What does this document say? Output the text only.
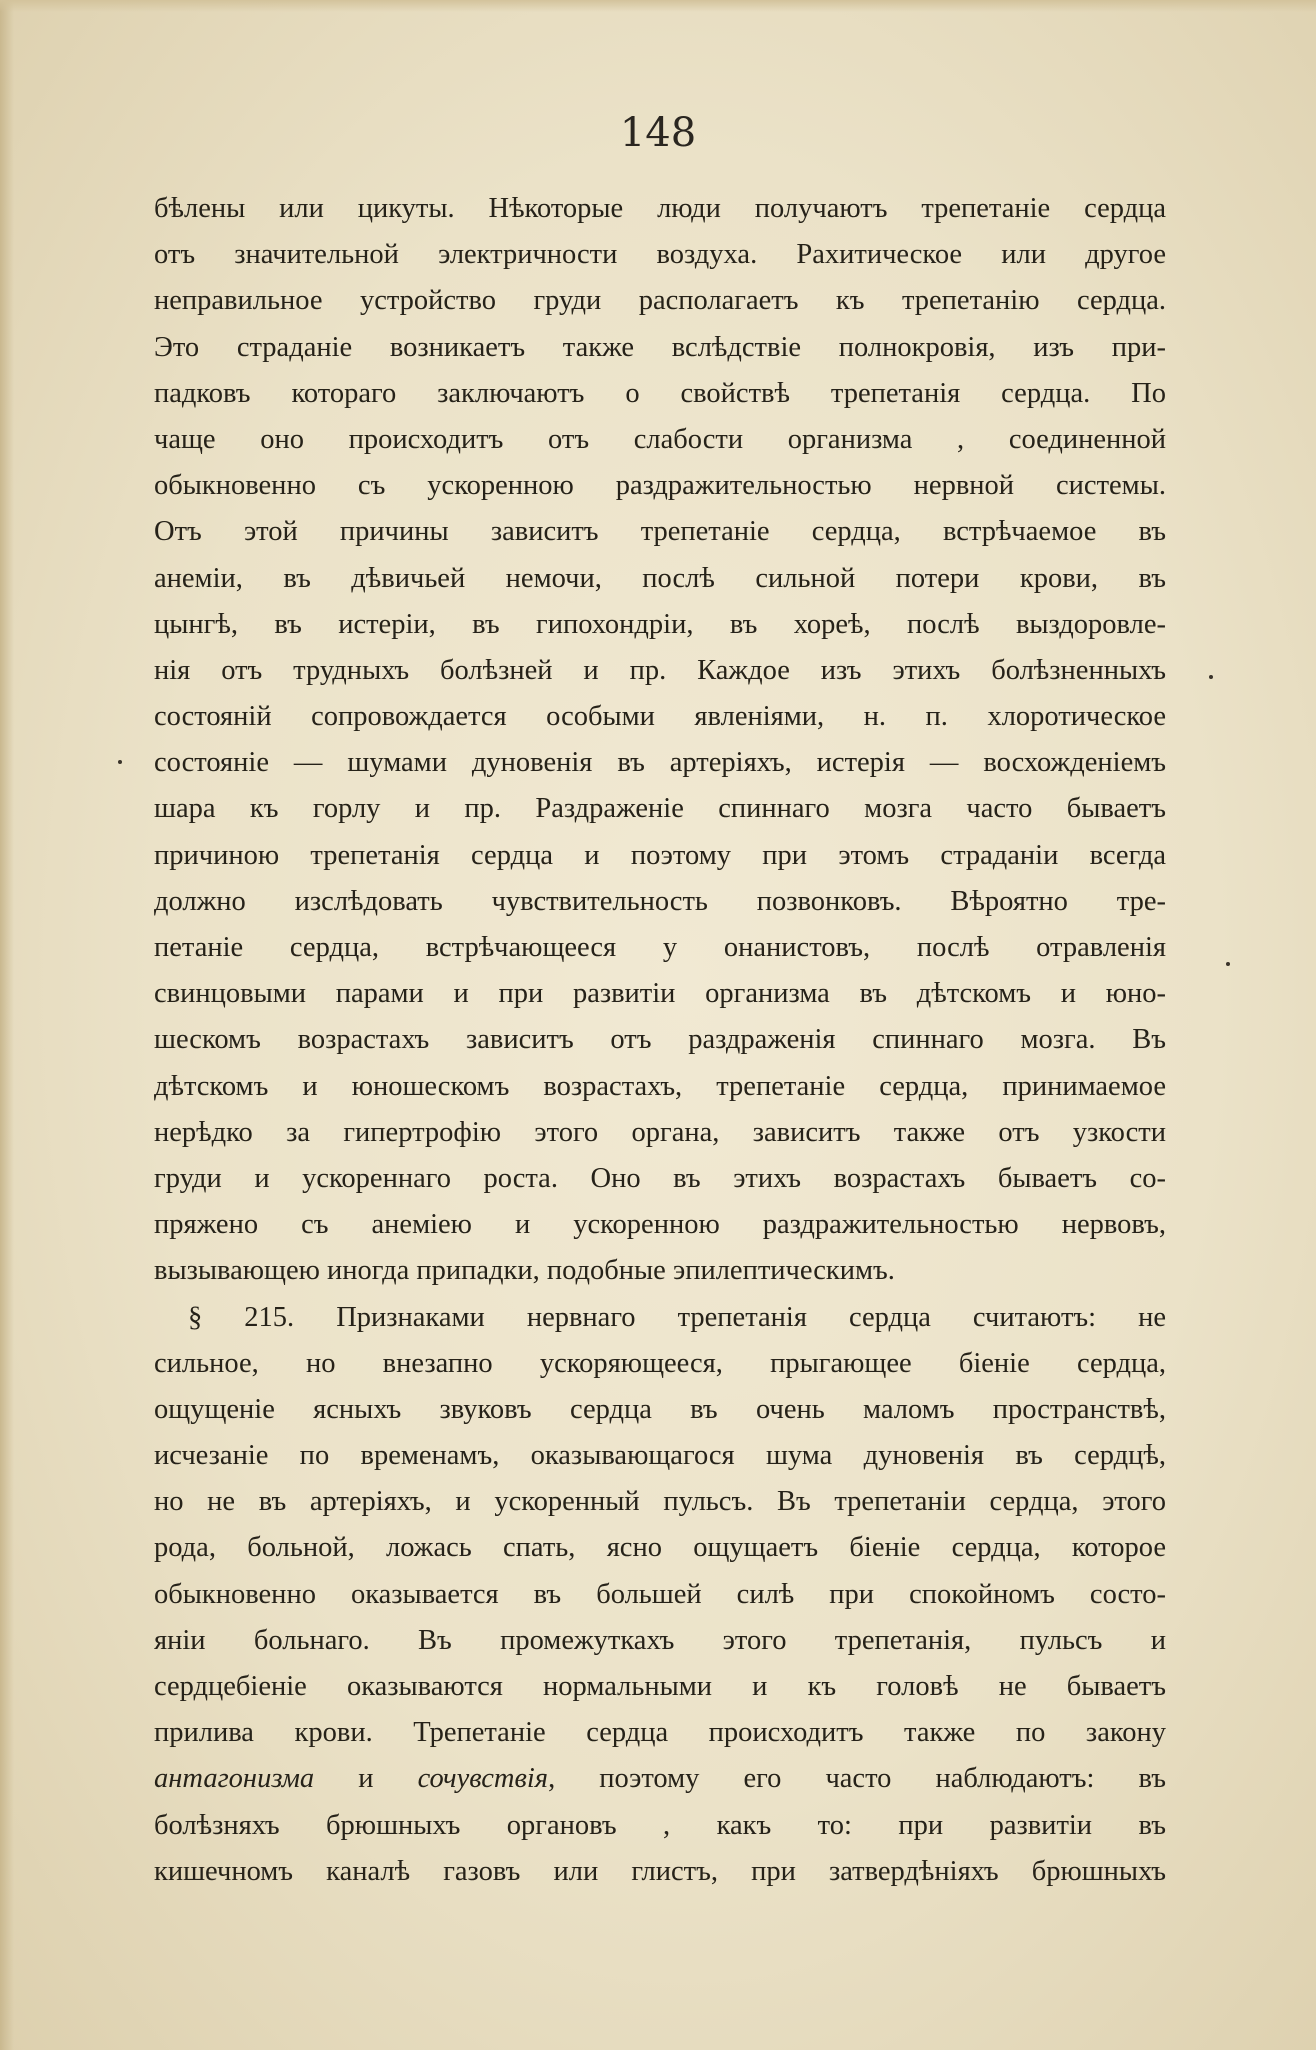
148
бѣлены или цикуты. Нѣкоторые люди получаютъ трепетаніе сердца
отъ значительной электричности воздуха. Рахитическое или другое
неправильное устройство груди располагаетъ къ трепетанію сердца.
Это страданіе возникаетъ также вслѣдствіе полнокровія, изъ при-
падковъ котораго заключаютъ о свойствѣ трепетанія сердца. По
чаще оно происходитъ отъ слабости организма , соединенной
обыкновенно съ ускоренною раздражительностью нервной системы.
Отъ этой причины зависитъ трепетаніе сердца, встрѣчаемое въ
анеміи, въ дѣвичьей немочи, послѣ сильной потери крови, въ
цынгѣ, въ истеріи, въ гипохондріи, въ хореѣ, послѣ выздоровле-
нія отъ трудныхъ болѣзней и пр. Каждое изъ этихъ болѣзненныхъ
состояній сопровождается особыми явленіями, н. п. хлоротическое
состояніе — шумами дуновенія въ артеріяхъ, истерія — восхожденіемъ
шара къ горлу и пр. Раздраженіе спиннаго мозга часто бываетъ
причиною трепетанія сердца и поэтому при этомъ страданіи всегда
должно изслѣдовать чувствительность позвонковъ. Вѣроятно тре-
петаніе сердца, встрѣчающееся у онанистовъ, послѣ отравленія
свинцовыми парами и при развитіи организма въ дѣтскомъ и юно-
шескомъ возрастахъ зависитъ отъ раздраженія спиннаго мозга. Въ
дѣтскомъ и юношескомъ возрастахъ, трепетаніе сердца, принимаемое
нерѣдко за гипертрофію этого органа, зависитъ также отъ узкости
груди и ускореннаго роста. Оно въ этихъ возрастахъ бываетъ со-
пряжено съ анеміею и ускоренною раздражительностью нервовъ,
вызывающею иногда припадки, подобные эпилептическимъ.
§ 215. Признаками нервнаго трепетанія сердца считаютъ: не
сильное, но внезапно ускоряющееся, прыгающее біеніе сердца,
ощущеніе ясныхъ звуковъ сердца въ очень маломъ пространствѣ,
исчезаніе по временамъ, оказывающагося шума дуновенія въ сердцѣ,
но не въ артеріяхъ, и ускоренный пульсъ. Въ трепетаніи сердца, этого
рода, больной, ложась спать, ясно ощущаетъ біеніе сердца, которое
обыкновенно оказывается въ большей силѣ при спокойномъ состо-
яніи больнаго. Въ промежуткахъ этого трепетанія, пульсъ и
сердцебіеніе оказываются нормальными и къ головѣ не бываетъ
прилива крови. Трепетаніе сердца происходитъ также по закону
антагонизма и сочувствія, поэтому его часто наблюдаютъ: въ
болѣзняхъ брюшныхъ органовъ , какъ то: при развитіи въ
кишечномъ каналѣ газовъ или глистъ, при затвердѣніяхъ брюшныхъ
